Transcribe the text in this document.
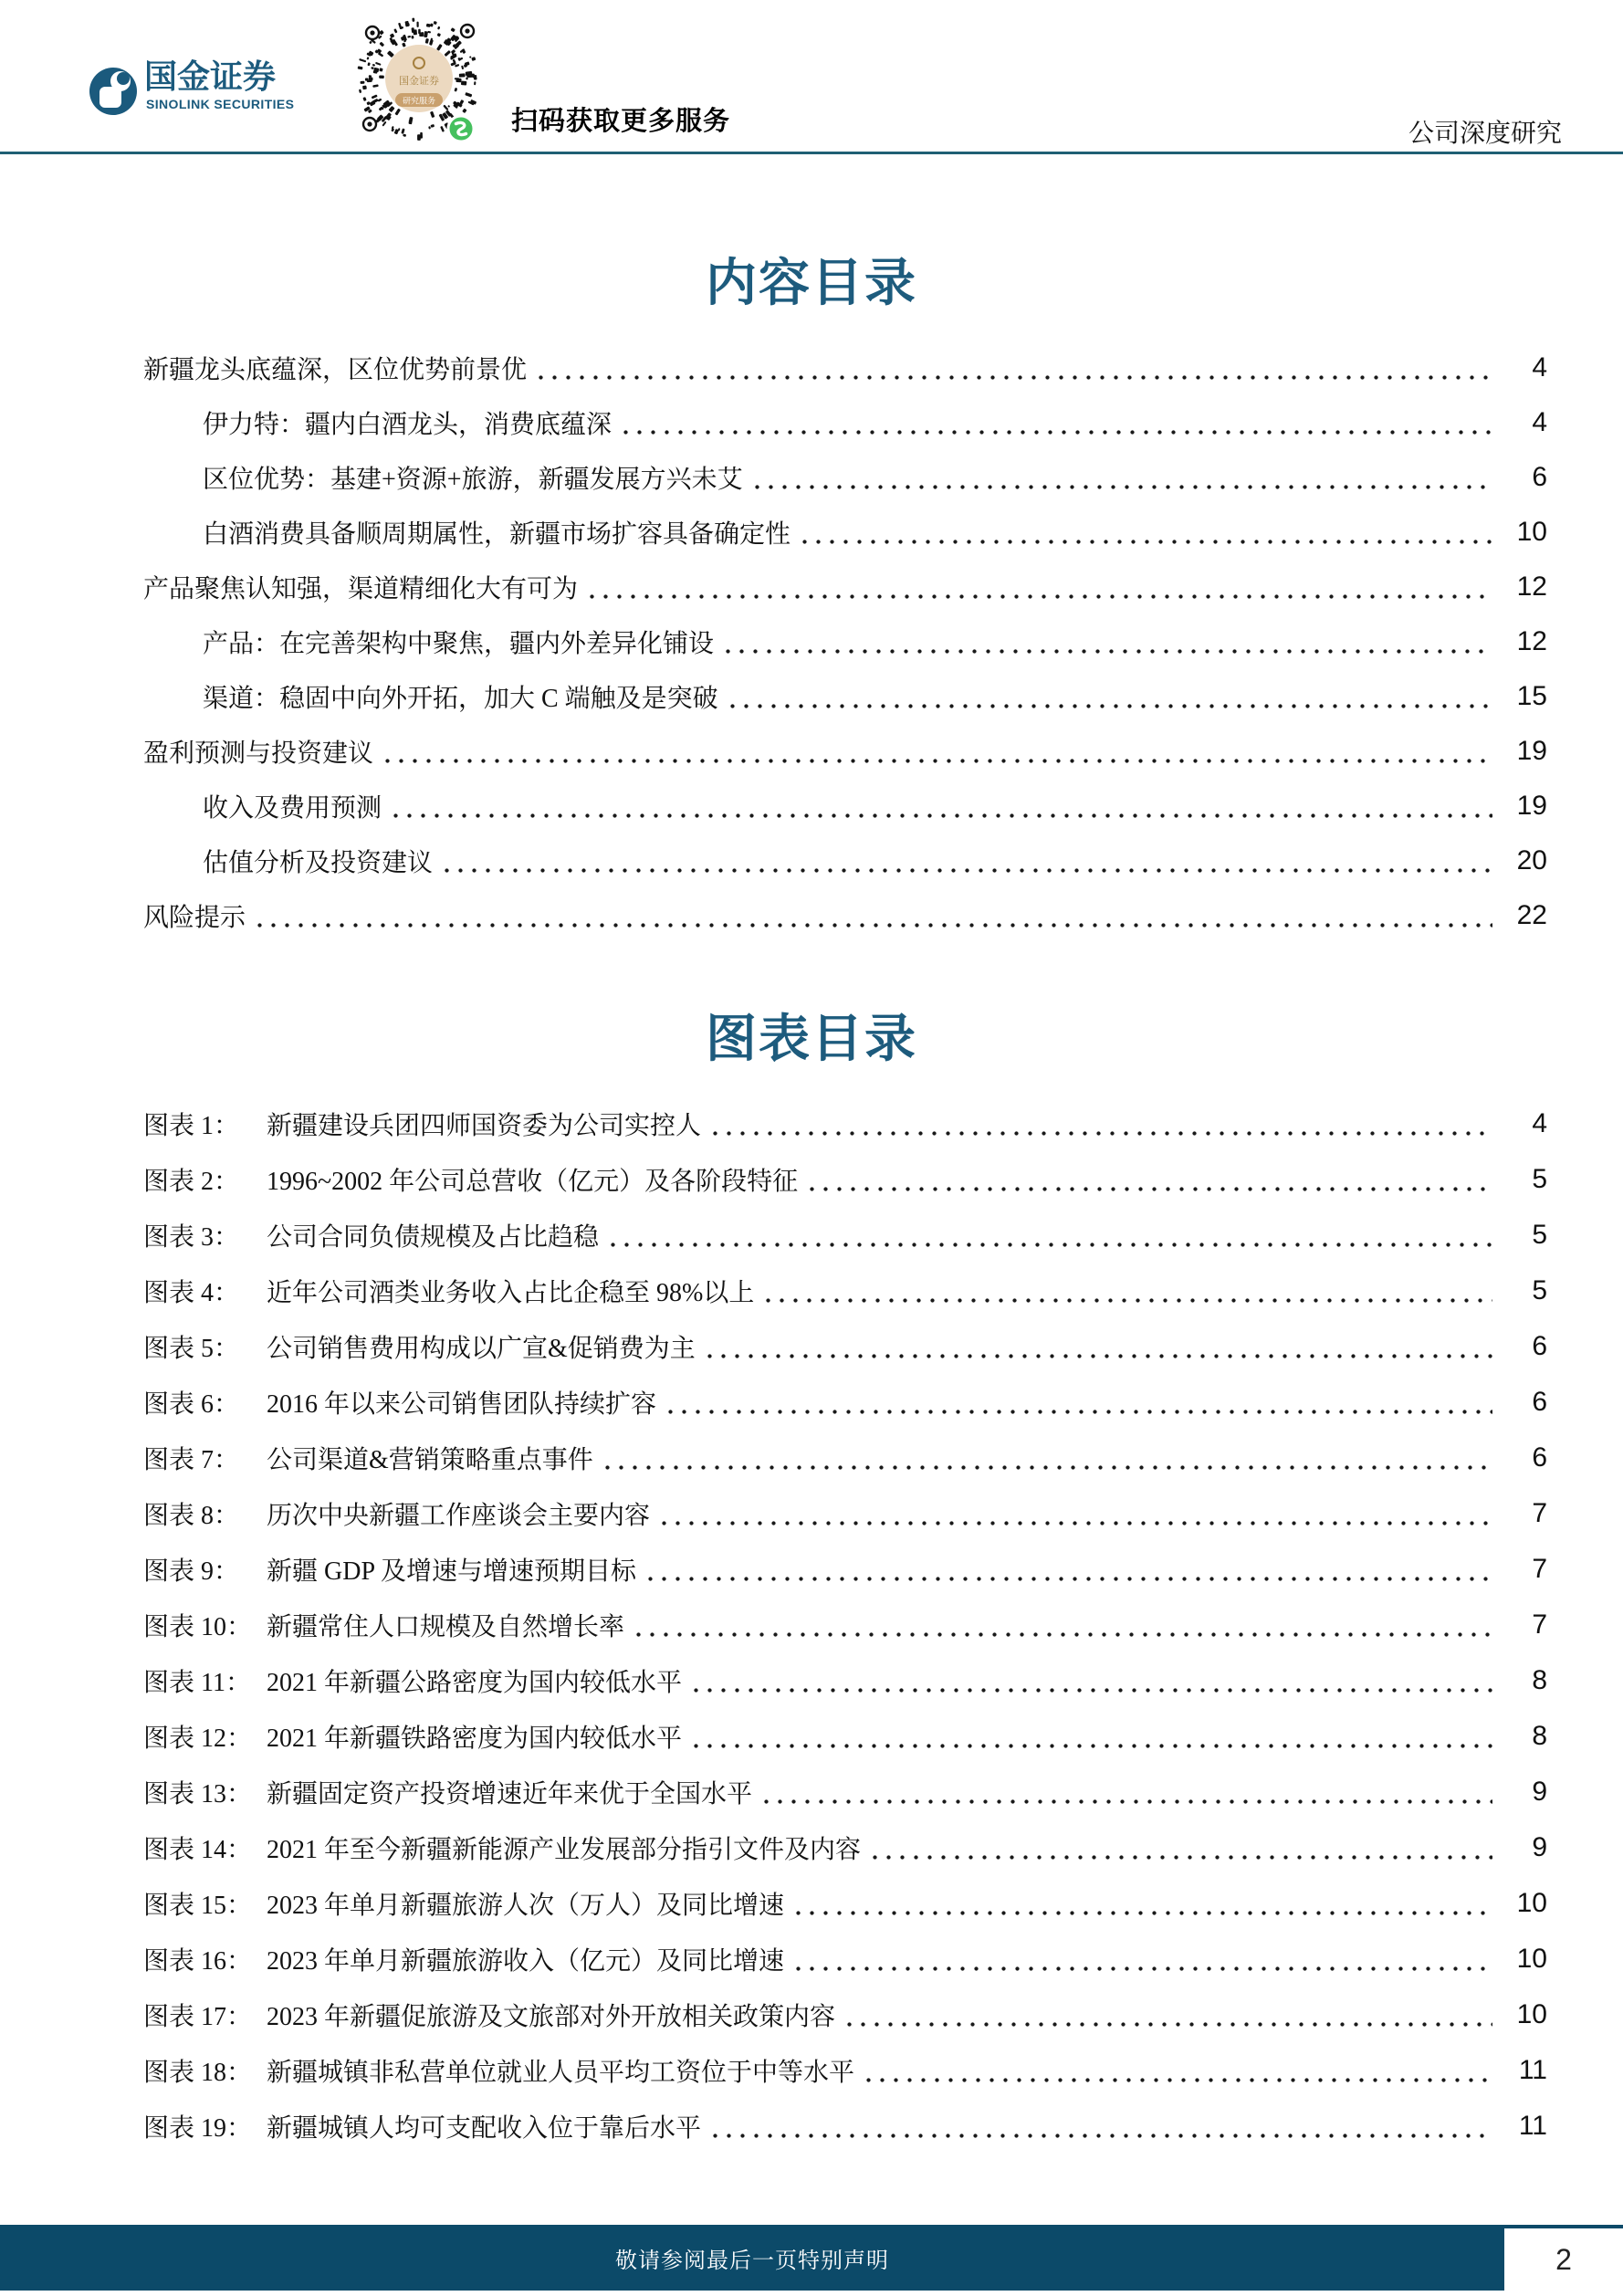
国金证券
SINOLINK SECURITIES
国金证券
研究服务
扫码获取更多服务	公司深度研究
内容目录
新疆龙头底蕴深，区位优势前景优	4
伊力特：疆内白酒龙头，消费底蕴深	4
区位优势：基建+资源+旅游，新疆发展方兴未艾	6
白酒消费具备顺周期属性，新疆市场扩容具备确定性	10
产品聚焦认知强，渠道精细化大有可为	12
产品：在完善架构中聚焦，疆内外差异化铺设	12
渠道：稳固中向外开拓，加大 C 端触及是突破	15
盈利预测与投资建议	19
收入及费用预测	19
估值分析及投资建议	20
风险提示	22
图表目录
图表 1：	新疆建设兵团四师国资委为公司实控人	4
图表 2：	1996~2002 年公司总营收（亿元）及各阶段特征	5
图表 3：	公司合同负债规模及占比趋稳	5
图表 4：	近年公司酒类业务收入占比企稳至 98%以上	5
图表 5：	公司销售费用构成以广宣&促销费为主	6
图表 6：	2016 年以来公司销售团队持续扩容	6
图表 7：	公司渠道&营销策略重点事件	6
图表 8：	历次中央新疆工作座谈会主要内容	7
图表 9：	新疆 GDP 及增速与增速预期目标	7
图表 10： 新疆常住人口规模及自然增长率	7
图表 11： 2021 年新疆公路密度为国内较低水平	8
图表 12： 2021 年新疆铁路密度为国内较低水平	8
图表 13： 新疆固定资产投资增速近年来优于全国水平	9
图表 14： 2021 年至今新疆新能源产业发展部分指引文件及内容	9
图表 15： 2023 年单月新疆旅游人次（万人）及同比增速	10
图表 16： 2023 年单月新疆旅游收入（亿元）及同比增速	10
图表 17： 2023 年新疆促旅游及文旅部对外开放相关政策内容	10
图表 18： 新疆城镇非私营单位就业人员平均工资位于中等水平	11
图表 19： 新疆城镇人均可支配收入位于靠后水平	11
敬请参阅最后一页特别声明	2
